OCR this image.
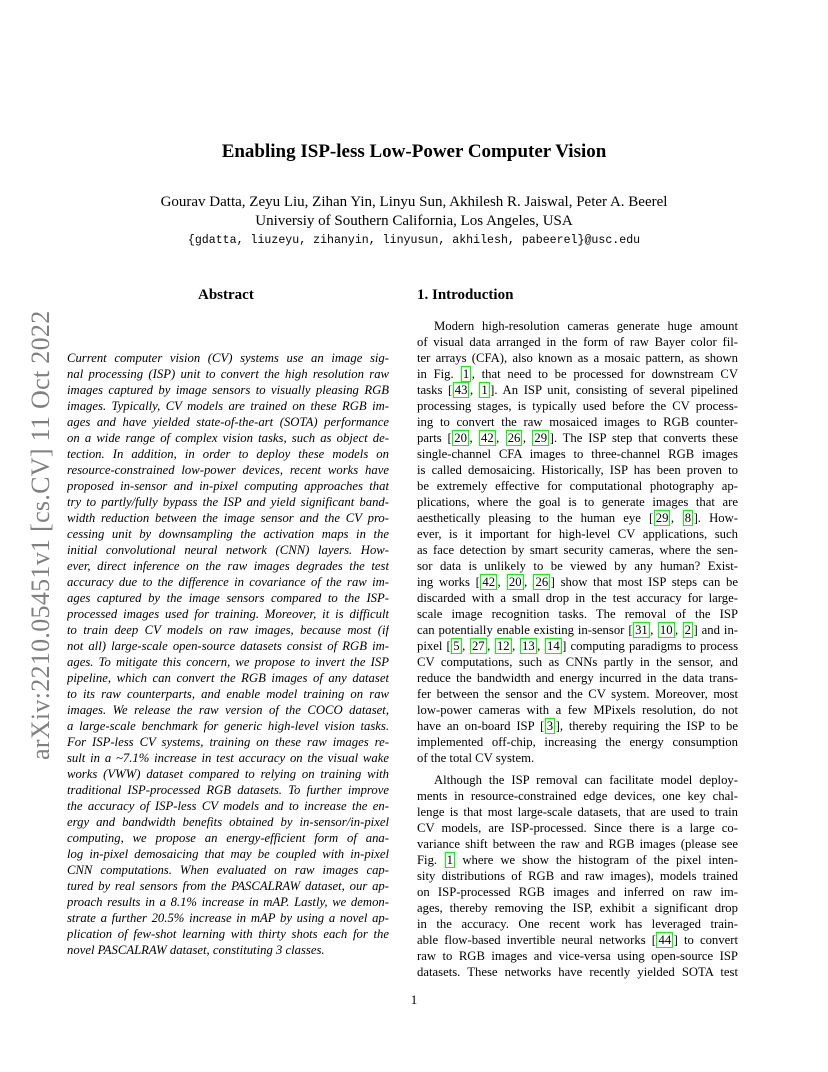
arXiv:2210.05451v1 [cs.CV] 11 Oct 2022
Enabling ISP-less Low-Power Computer Vision
Gourav Datta, Zeyu Liu, Zihan Yin, Linyu Sun, Akhilesh R. Jaiswal, Peter A. Beerel
Universiy of Southern California, Los Angeles, USA
{gdatta, liuzeyu, zihanyin, linyusun, akhilesh, pabeerel}@usc.edu
Abstract	1. Introduction
Current computer vision (CV) systems use an image sig-
nal processing (ISP) unit to convert the high resolution raw
images captured by image sensors to visually pleasing RGB
images. Typically, CV models are trained on these RGB im-
ages and have yielded state-of-the-art (SOTA) performance
on a wide range of complex vision tasks, such as object de-
tection. In addition, in order to deploy these models on
resource-constrained low-power devices, recent works have
proposed in-sensor and in-pixel computing approaches that
try to partly/fully bypass the ISP and yield significant band-
width reduction between the image sensor and the CV pro-
cessing unit by downsampling the activation maps in the
initial convolutional neural network (CNN) layers. How-
ever, direct inference on the raw images degrades the test
accuracy due to the difference in covariance of the raw im-
ages captured by the image sensors compared to the ISP-
processed images used for training. Moreover, it is difficult
to train deep CV models on raw images, because most (if
not all) large-scale open-source datasets consist of RGB im-
ages. To mitigate this concern, we propose to invert the ISP
pipeline, which can convert the RGB images of any dataset
to its raw counterparts, and enable model training on raw
images. We release the raw version of the COCO dataset,
a large-scale benchmark for generic high-level vision tasks.
For ISP-less CV systems, training on these raw images re-
sult in a ~7.1% increase in test accuracy on the visual wake
works (VWW) dataset compared to relying on training with
traditional ISP-processed RGB datasets. To further improve
the accuracy of ISP-less CV models and to increase the en-
ergy and bandwidth benefits obtained by in-sensor/in-pixel
computing, we propose an energy-efficient form of ana-
log in-pixel demosaicing that may be coupled with in-pixel
CNN computations. When evaluated on raw images cap-
tured by real sensors from the PASCALRAW dataset, our ap-
proach results in a 8.1% increase in mAP. Lastly, we demon-
strate a further 20.5% increase in mAP by using a novel ap-
plication of few-shot learning with thirty shots each for the
novel PASCALRAW dataset, constituting 3 classes.
Modern high-resolution cameras generate huge amount
of visual data arranged in the form of raw Bayer color fil-
ter arrays (CFA), also known as a mosaic pattern, as shown
in Fig. 1 , that need to be processed for downstream CV
tasks [ 43 , 1 ]. An ISP unit, consisting of several pipelined
processing stages, is typically used before the CV process-
ing to convert the raw mosaiced images to RGB counter-
parts [ 20 , 42 , 26 , 29 ]. The ISP step that converts these
single-channel CFA images to three-channel RGB images
is called demosaicing. Historically, ISP has been proven to
be extremely effective for computational photography ap-
plications, where the goal is to generate images that are
aesthetically pleasing to the human eye [ 29 , 8 ]. How-
ever, is it important for high-level CV applications, such
as face detection by smart security cameras, where the sen-
sor data is unlikely to be viewed by any human? Exist-
ing works [ 42 , 20 , 26 ] show that most ISP steps can be
discarded with a small drop in the test accuracy for large-
scale image recognition tasks. The removal of the ISP
can potentially enable existing in-sensor [ 31 , 10 , 2 ] and in-
pixel [ 5 , 27 , 12 , 13 , 14 ] computing paradigms to process
CV computations, such as CNNs partly in the sensor, and
reduce the bandwidth and energy incurred in the data trans-
fer between the sensor and the CV system. Moreover, most
low-power cameras with a few MPixels resolution, do not
have an on-board ISP [ 3 ], thereby requiring the ISP to be
implemented off-chip, increasing the energy consumption
of the total CV system.
Although the ISP removal can facilitate model deploy-
ments in resource-constrained edge devices, one key chal-
lenge is that most large-scale datasets, that are used to train
CV models, are ISP-processed. Since there is a large co-
variance shift between the raw and RGB images (please see
Fig. 1 where we show the histogram of the pixel inten-
sity distributions of RGB and raw images), models trained
on ISP-processed RGB images and inferred on raw im-
ages, thereby removing the ISP, exhibit a significant drop
in the accuracy. One recent work has leveraged train-
able flow-based invertible neural networks [ 44 ] to convert
raw to RGB images and vice-versa using open-source ISP
datasets. These networks have recently yielded SOTA test
1
